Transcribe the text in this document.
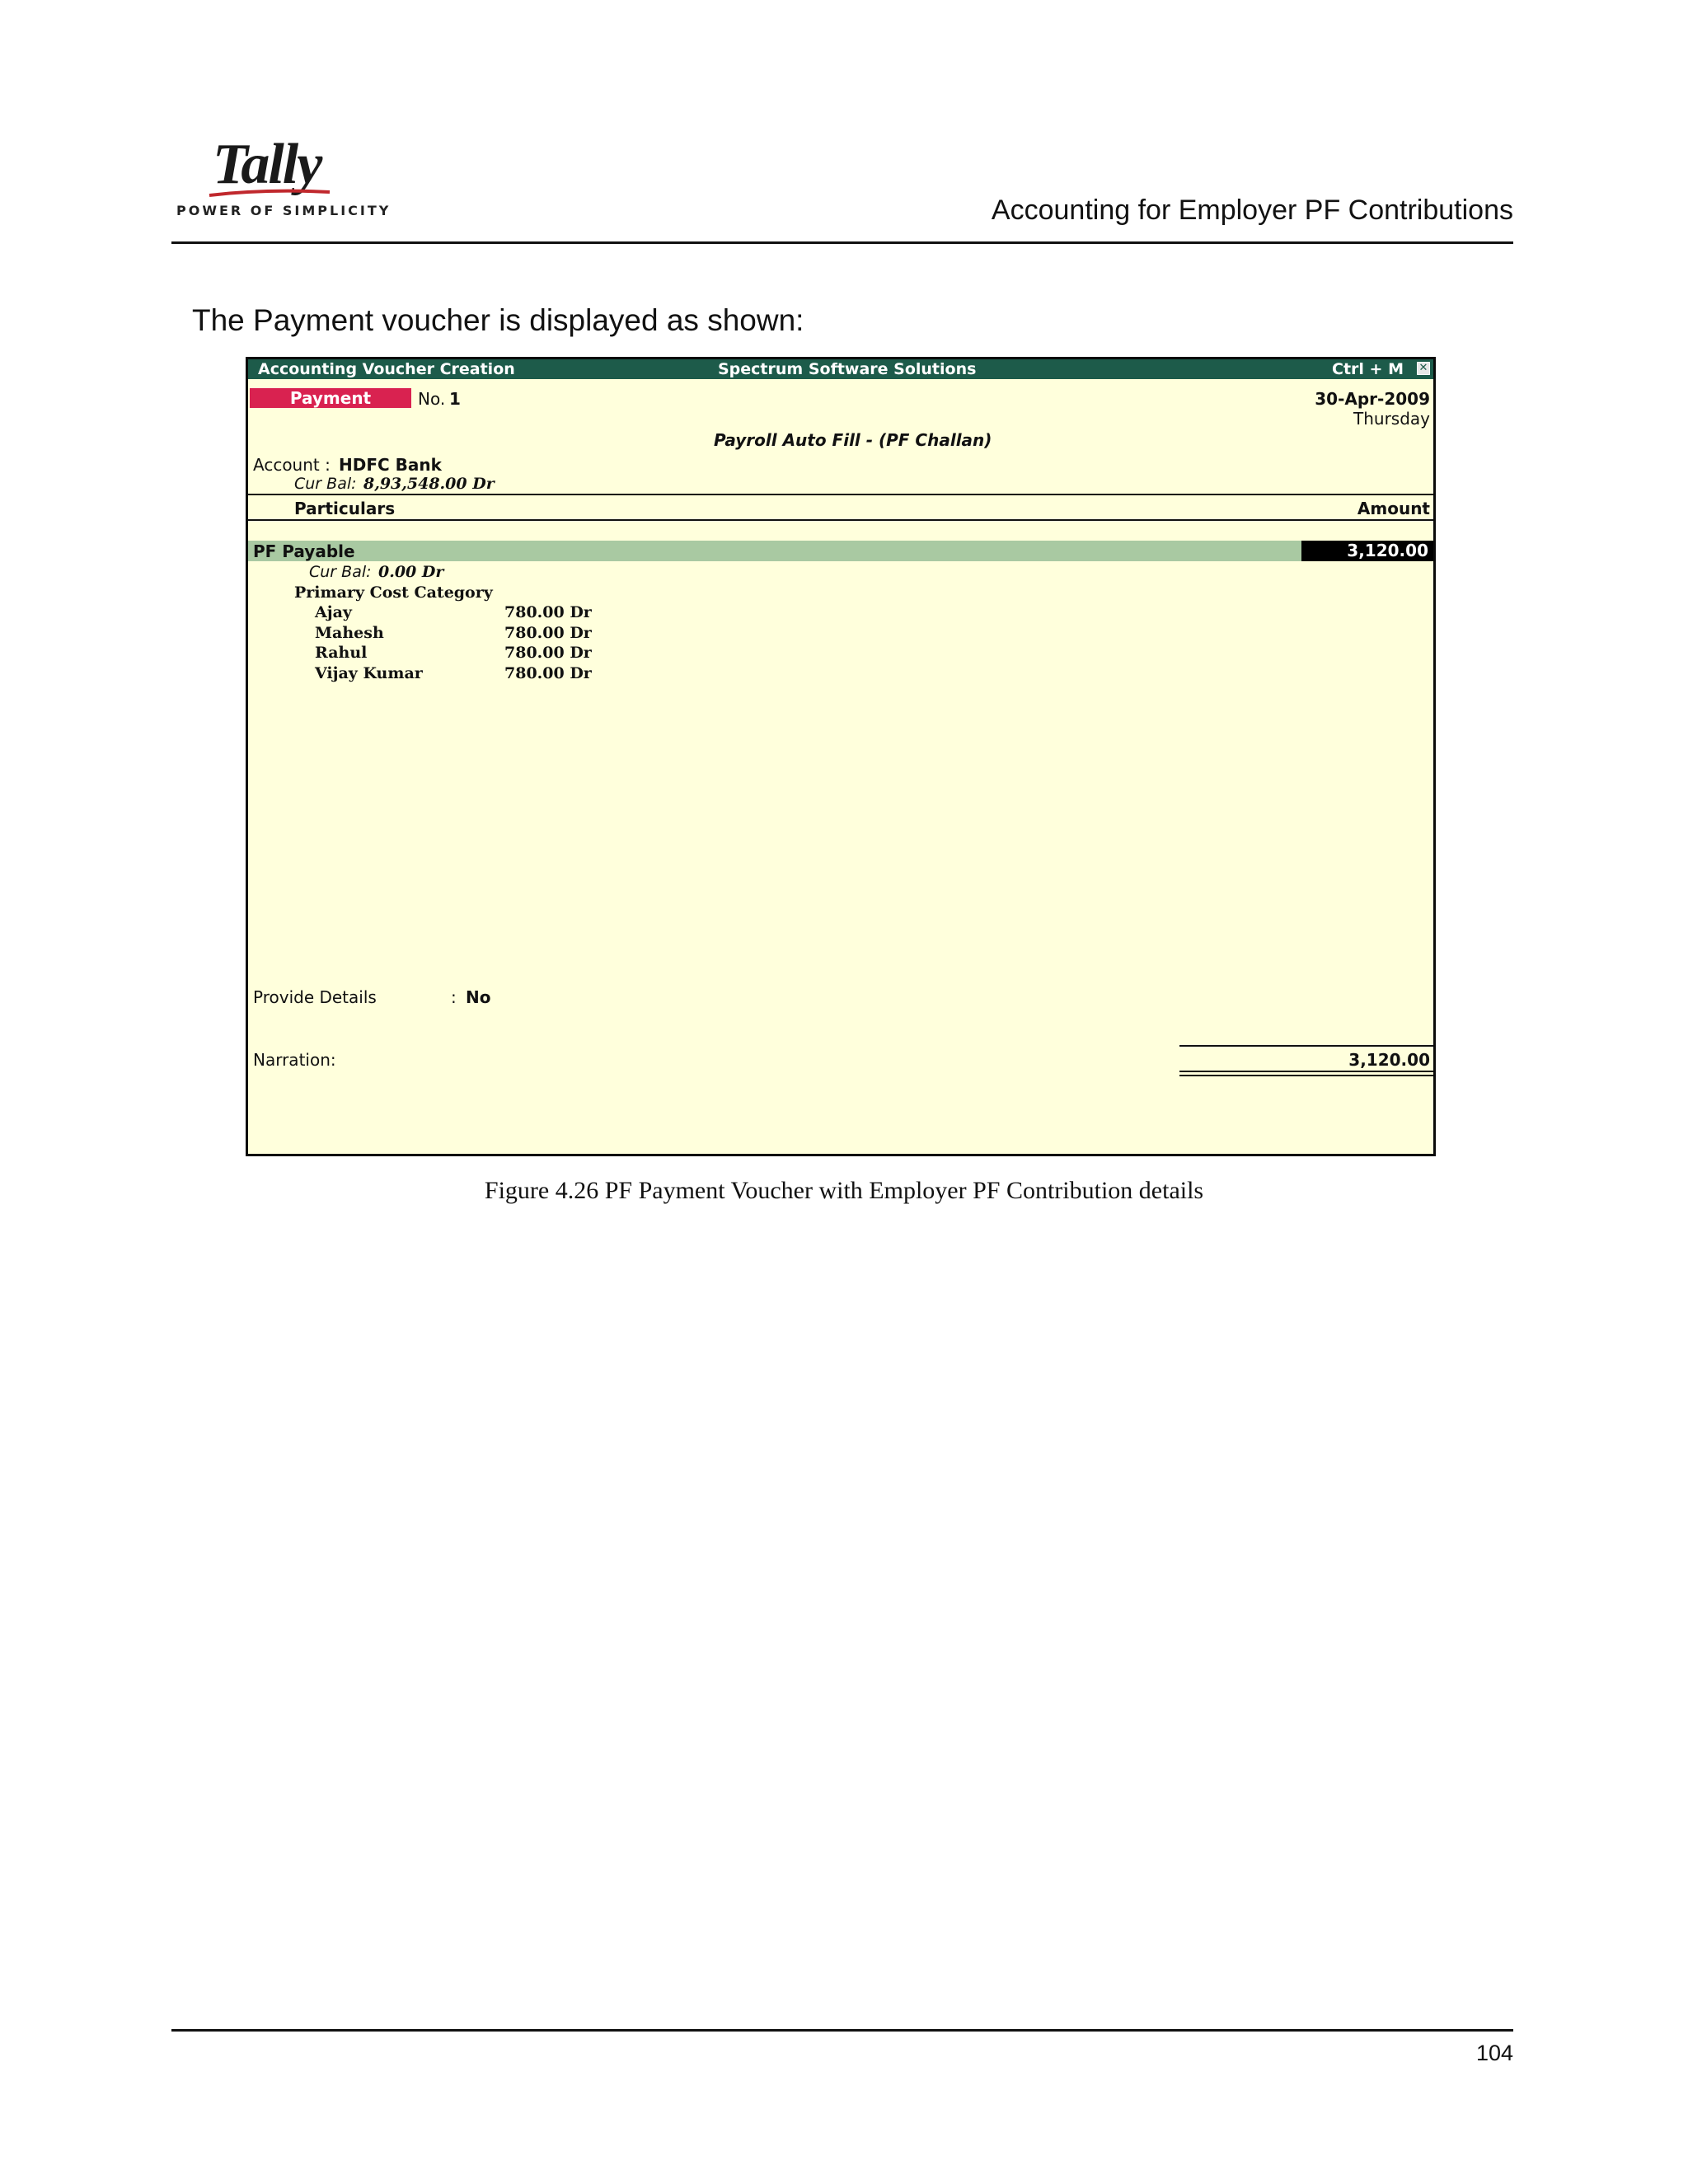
Tally
POWER OF SIMPLICITY	Accounting for Employer PF Contributions
The Payment voucher is displayed as shown:
Accounting Voucher Creation	Spectrum Software Solutions	Ctrl + M ✕
Payment	No. 1	30-Apr-2009
Thursday
Payroll Auto Fill - (PF Challan)
Account : HDFC Bank
Cur Bal: 8,93,548.00 Dr
Particulars	Amount
PF Payable	3,120.00
Cur Bal: 0.00 Dr
Primary Cost Category
Ajay	780.00 Dr
Mahesh	780.00 Dr
Rahul	780.00 Dr
Vijay Kumar	780.00 Dr
Provide Details	: No
Narration:	3,120.00
Figure 4.26 PF Payment Voucher with Employer PF Contribution details
104
